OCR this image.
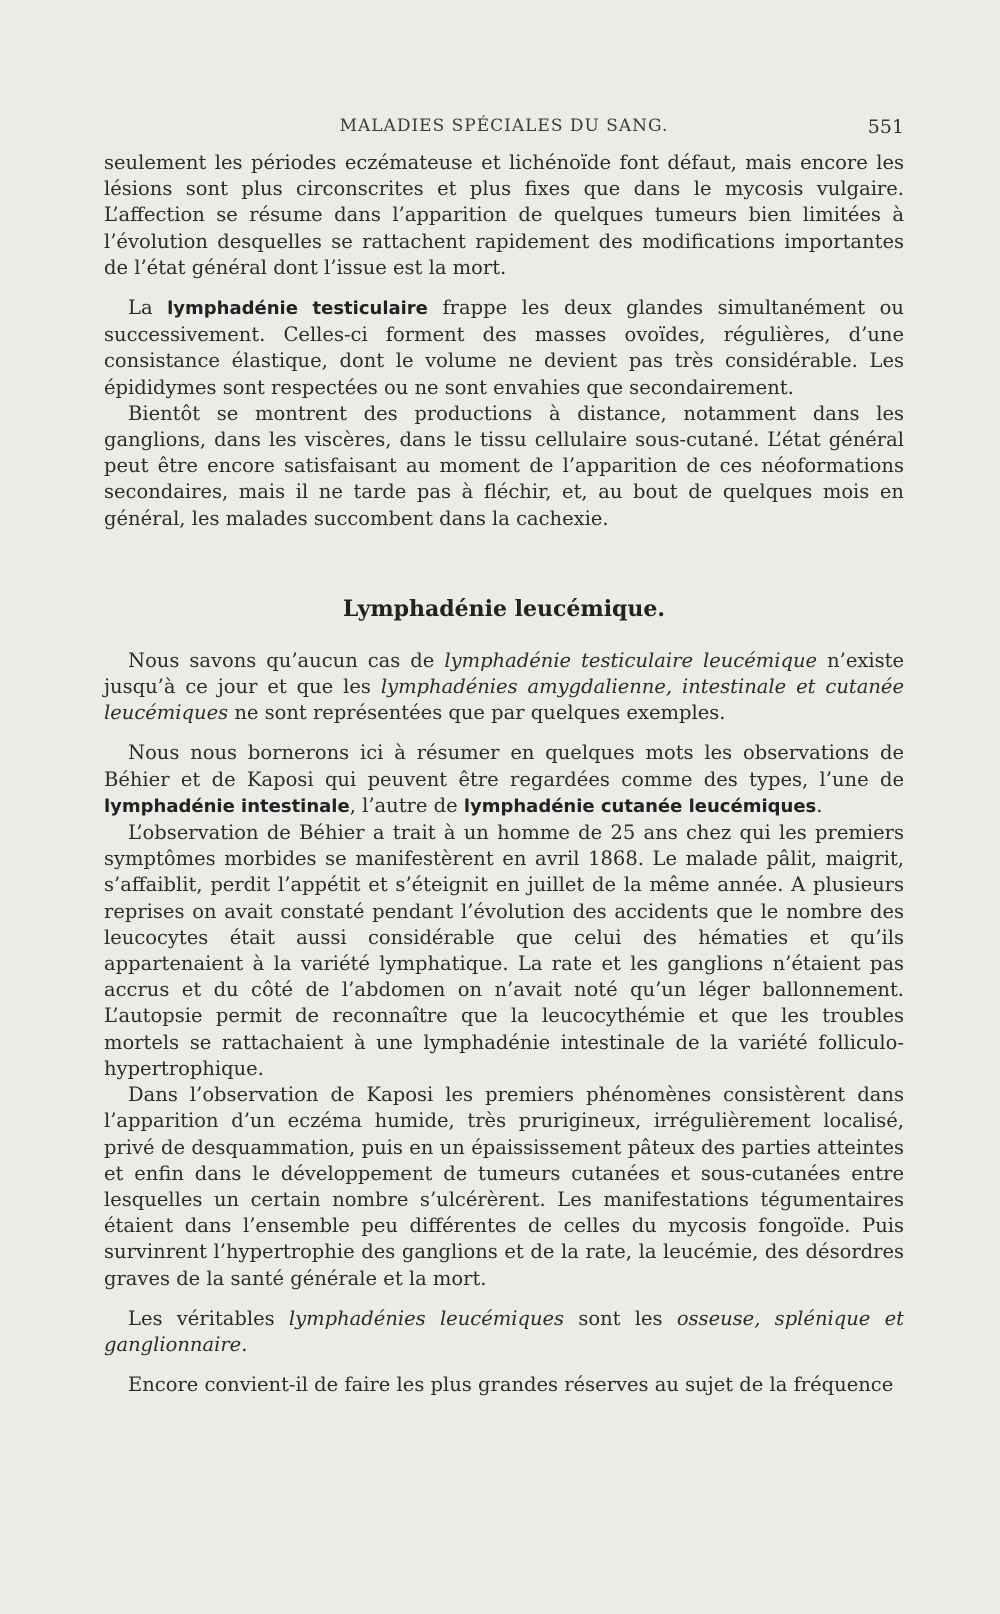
MALADIES SPÉCIALES DU SANG.	551

seulement les périodes eczémateuse et lichénoïde font défaut, mais encore les lésions sont plus circonscrites et plus fixes que dans le mycosis vulgaire. L’affection se résume dans l’apparition de quelques tumeurs bien limitées à l’évolution desquelles se rattachent rapidement des modifications importantes de l’état général dont l’issue est la mort.

La lymphadénie testiculaire frappe les deux glandes simultanément ou successivement. Celles-ci forment des masses ovoïdes, régulières, d’une consistance élastique, dont le volume ne devient pas très considérable. Les épididymes sont respectées ou ne sont envahies que secondairement.

Bientôt se montrent des productions à distance, notamment dans les ganglions, dans les viscères, dans le tissu cellulaire sous-cutané. L’état général peut être encore satisfaisant au moment de l’apparition de ces néoformations secondaires, mais il ne tarde pas à fléchir, et, au bout de quelques mois en général, les malades succombent dans la cachexie.

Lymphadénie leucémique.

Nous savons qu’aucun cas de lymphadénie testiculaire leucémique n’existe jusqu’à ce jour et que les lymphadénies amygdalienne, intestinale et cutanée leucémiques ne sont représentées que par quelques exemples.

Nous nous bornerons ici à résumer en quelques mots les observations de Béhier et de Kaposi qui peuvent être regardées comme des types, l’une de lymphadénie intestinale, l’autre de lymphadénie cutanée leucémiques.

L’observation de Béhier a trait à un homme de 25 ans chez qui les premiers symptômes morbides se manifestèrent en avril 1868. Le malade pâlit, maigrit, s’affaiblit, perdit l’appétit et s’éteignit en juillet de la même année. A plusieurs reprises on avait constaté pendant l’évolution des accidents que le nombre des leucocytes était aussi considérable que celui des hématies et qu’ils appartenaient à la variété lymphatique. La rate et les ganglions n’étaient pas accrus et du côté de l’abdomen on n’avait noté qu’un léger ballonnement. L’autopsie permit de reconnaître que la leucocythémie et que les troubles mortels se rattachaient à une lymphadénie intestinale de la variété folliculo-hypertrophique.

Dans l’observation de Kaposi les premiers phénomènes consistèrent dans l’apparition d’un eczéma humide, très prurigineux, irrégulièrement localisé, privé de desquammation, puis en un épaississement pâteux des parties atteintes et enfin dans le développement de tumeurs cutanées et sous-cutanées entre lesquelles un certain nombre s’ulcérèrent. Les manifestations tégumentaires étaient dans l’ensemble peu différentes de celles du mycosis fongoïde. Puis survinrent l’hypertrophie des ganglions et de la rate, la leucémie, des désordres graves de la santé générale et la mort.

Les véritables lymphadénies leucémiques sont les osseuse, splénique et ganglionnaire.

Encore convient-il de faire les plus grandes réserves au sujet de la fréquence
